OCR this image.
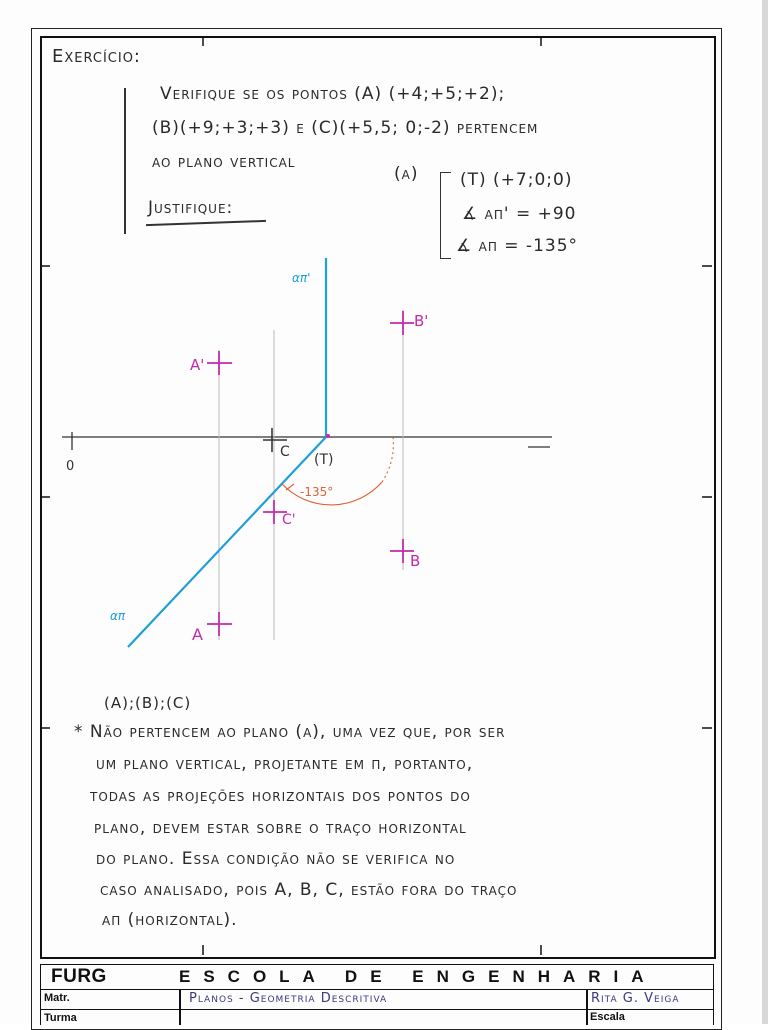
Exercício:
Verifique se os pontos (A) (+4;+5;+2);
(B)(+9;+3;+3) e (C)(+5,5; 0;-2) pertencem
ao plano vertical
(α)
Justifique:
(T) (+7;0;0)
∡ απ' = +90
∡ απ = -135°
απ'
απ
0
C (T)
-135°
A'
A
B'
B
C'
(A);(B);(C)
* Não pertencem ao plano (α), uma vez que, por ser
um plano vertical, projetante em π, portanto,
todas as projeções horizontais dos pontos do
plano, devem estar sobre o traço horizontal
do plano. Essa condição não se verifica no
caso analisado, pois A, B, C, estão fora do traço
απ (horizontal).
FURG	ESCOLA DE ENGENHARIA
Matr.
Turma
Planos - Geometria Descritiva	Rita G. Veiga
Escala
